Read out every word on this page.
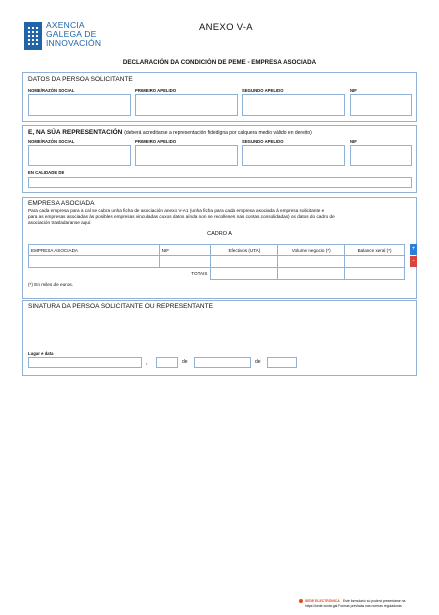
AXENCIA
GALEGA DE
INNOVACIÓN
ANEXO V-A
DECLARACIÓN DA CONDICIÓN DE PEME - EMPRESA ASOCIADA
DATOS DA PERSOA SOLICITANTE
NOME/RAZÓN SOCIAL	PRIMEIRO APELIDO	SEGUNDO APELIDO	NIF
E, NA SÚA REPRESENTACIÓN (deberá acreditarse a representación fidedigna por calquera medio válido en dereito)
NOME/RAZÓN SOCIAL	PRIMEIRO APELIDO	SEGUNDO APELIDO	NIF
EN CALIDADE DE
EMPRESA ASOCIADA
Para cada empresa para a cal se cubra unha ficha de asociación anexo V-A1 (unha ficha para cada empresa asociada á empresa solicitante e
para as empresas asociadas ás posibles empresas vinculadas cuxos datos aínda non se recollesen nas contas consolidadas) os datos do cadro de
asociación trasladaranse aquí.
CADRO A
(*) En miles de euros.
EMPRESA ASOCIADA	NIF	Efectivos (UTA)	Volume negocio (*)	Balance xeral (*)

TOTAIS				
+
-
SINATURA DA PERSOA SOLICITANTE OU REPRESENTANTE
Lugar e data
,	de	de
SEDE ELECTRÓNICA Este formulario só poderá presentarse na
https://sede.xunta.gal Formas previstas nas normas reguladoras
